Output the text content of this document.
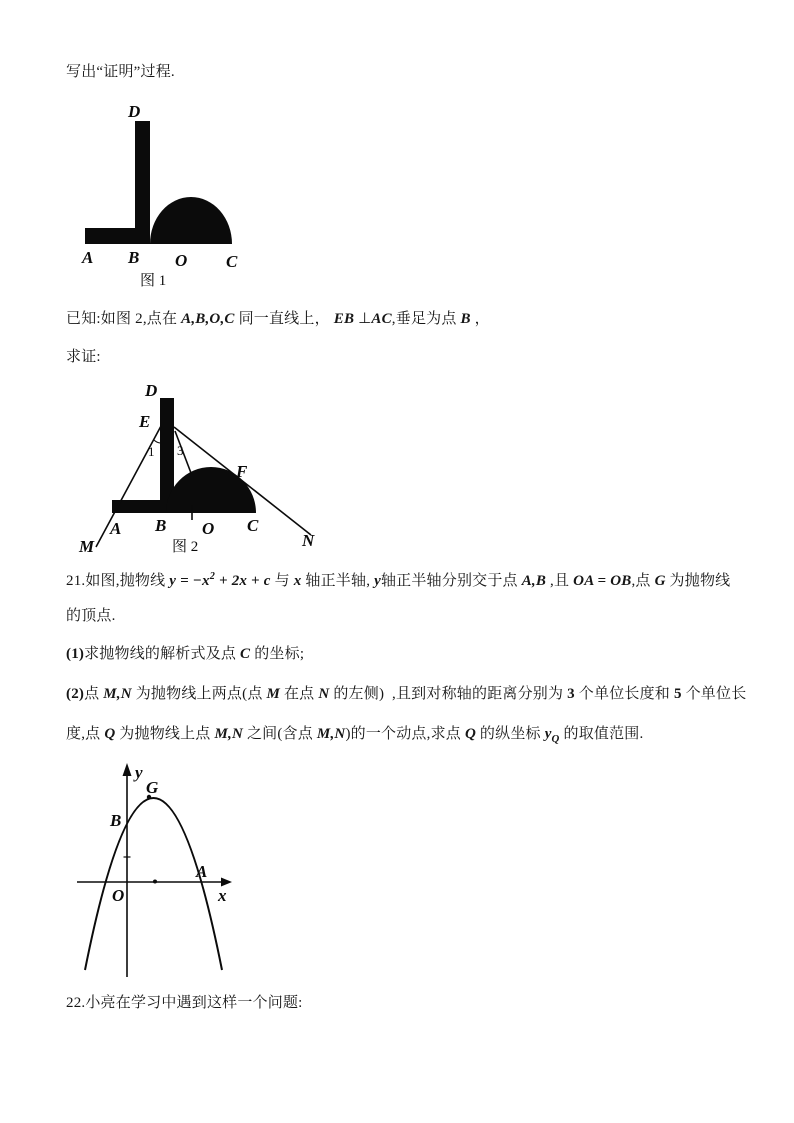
写出“证明”过程.
已知:如图 2,点在 A,B,O,C 同一直线上， EB ⊥AC,垂足为点 B ，
求证:
21.如图,抛物线 $y = -x^2 + 2x + c$ 与 x 轴正半轴, y轴正半轴分别交于点 A,B ,且 OA = OB,点 G 为抛物线
的顶点.
(1)求抛物线的解析式及点 C 的坐标;
(2)点 M,N 为抛物线上两点(点 M 在点 N 的左侧)  ,且到对称轴的距离分别为 3 个单位长度和 5 个单位长
度,点 Q 为抛物线上点 M,N 之间(含点 M,N)的一个动点,求点 Q 的纵坐标 $y_Q$ 的取值范围.
22.小亮在学习中遇到这样一个问题:
D
A B O C
图 1
D
E
1 3
F
A B O C
M	N
图 2
y
x
O
B
G
A
